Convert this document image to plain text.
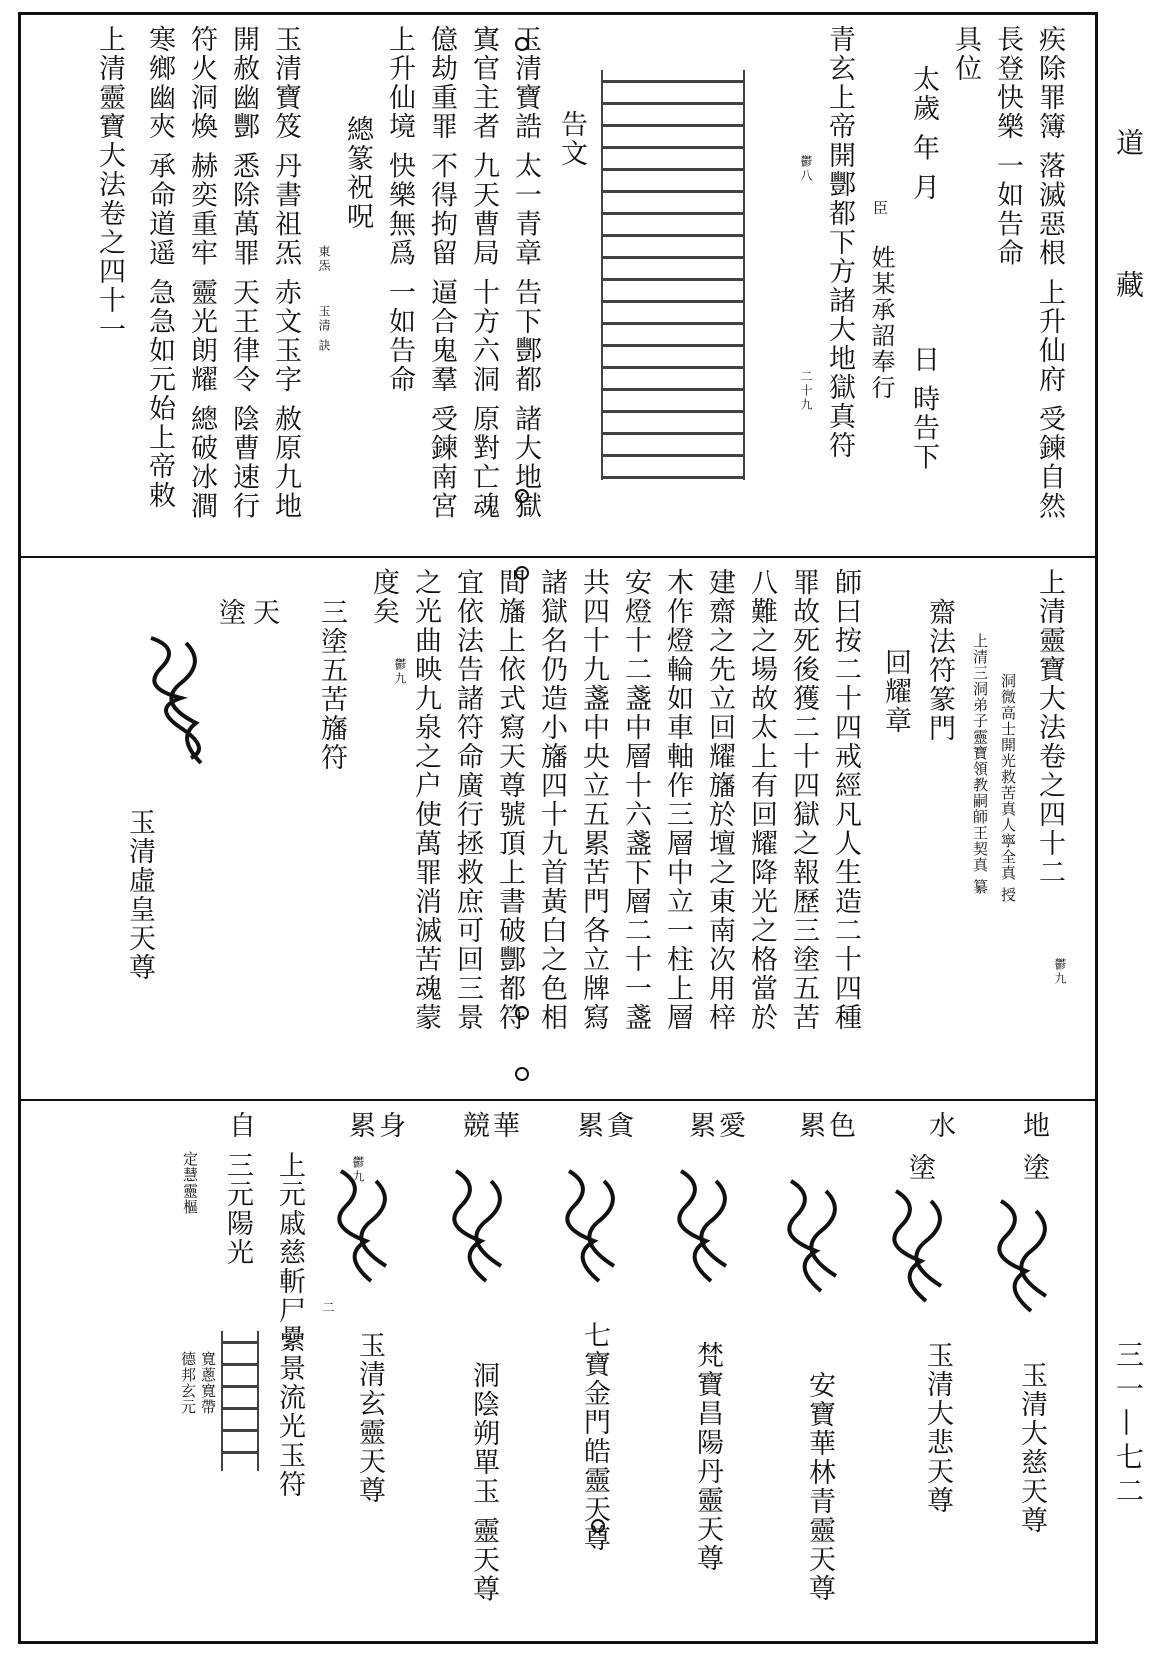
道
藏
三一—七二
疾除罪簿 落滅惡根 上升仙府 受鍊自然
長登快樂 一如告命
具位
太歲 年 月
臣
日 時告下
姓某承詔奉行
青玄上帝開酆都下方諸大地獄真符
鬱八
二十九
告文
玉清寶誥 太一青章 告下酆都 諸大地獄
寘官主者 九天曹局 十方六洞 原對亡魂
億劫重罪 不得拘留 逼合鬼羣 受鍊南宮
上升仙境 快樂無爲 一如告命
總篆祝呪
東炁
玉清 訣
玉清寶笈 丹書祖炁 赤文玉字 赦原九地
開赦幽酆 悉除萬罪 天王律令 陰曹速行
符火洞煥 赫奕重牢 靈光朗耀 總破冰澗
寒鄉幽夾 承命道遥 急急如元始上帝敕
上清靈寶大法卷之四十一
上清靈寶大法卷之四十二
洞微高士開光救苦真人寧全真 授
上清三洞弟子靈寶領教嗣師王契真 纂
鬱九
齋法符篆門
回耀章
師曰按二十四戒經凡人生造二十四種
罪故死後獲二十四獄之報歷三塗五苦
八難之場故太上有回耀降光之格當於
建齋之先立回耀旛於壇之東南次用梓
木作燈輪如車軸作三層中立一柱上層
安燈十二盞中層十六盞下層二十一盞
共四十九盞中央立五累苦門各立牌寫
諸獄名仍造小旛四十九首黃白之色相
間旛上依式寫天尊號頂上書破酆都符
宜依法告諸符命廣行拯救庶可回三景
之光曲映九泉之户使萬罪消滅苦魂蒙
鬱九
度矣
三塗五苦旛符
天
塗
玉清虛皇天尊
地
塗
玉清大慈天尊
水
塗
玉清大悲天尊
色
累
安寶華林青靈天尊
愛
累
梵寶昌陽丹靈天尊
貪
累
七寶金門皓靈天尊
華
競
洞陰朔單玉 靈天尊
鬱九
身
累
玉清玄靈天尊
二
上元戚慈斬尸纍景流光玉符
自
三元陽光
定慧靈樞
寬蔥寬帶
德邦玄元
